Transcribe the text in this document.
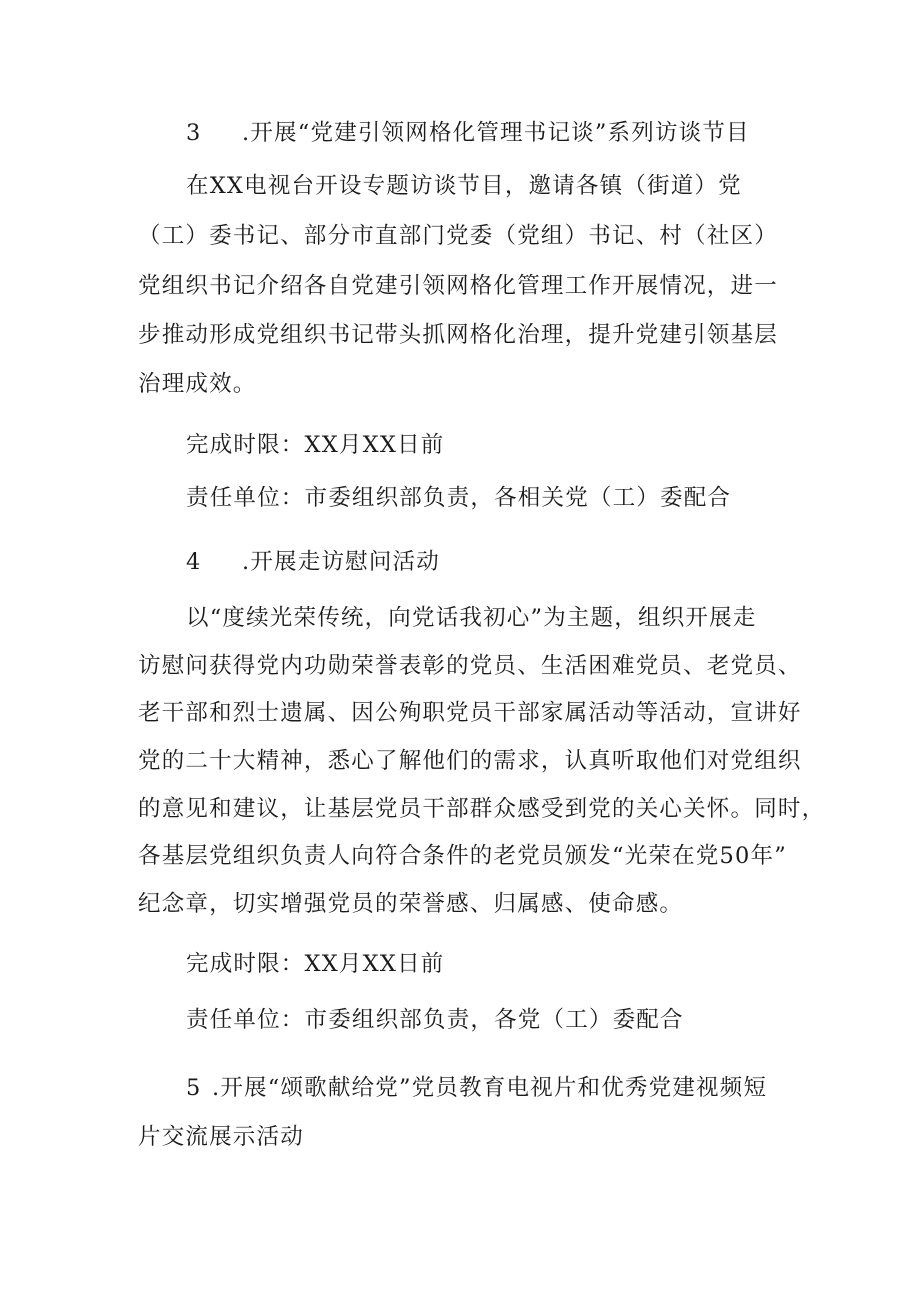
3 .开展“党建引领网格化管理书记谈”系列访谈节目
在XX电视台开设专题访谈节目，邀请各镇（街道）党
（工）委书记、部分市直部门党委（党组）书记、村（社区）
党组织书记介绍各自党建引领网格化管理工作开展情况，进一
步推动形成党组织书记带头抓网格化治理，提升党建引领基层
治理成效。
完成时限：XX月XX日前
责任单位：市委组织部负责，各相关党（工）委配合
4 .开展走访慰问活动
以“度续光荣传统，向党话我初心”为主题，组织开展走
访慰问获得党内功勋荣誉表彰的党员、生活困难党员、老党员、
老干部和烈士遗属、因公殉职党员干部家属活动等活动，宣讲好
党的二十大精神，悉心了解他们的需求，认真听取他们对党组织
的意见和建议，让基层党员干部群众感受到党的关心关怀。同时，
各基层党组织负责人向符合条件的老党员颁发“光荣在党50年”
纪念章，切实增强党员的荣誉感、归属感、使命感。
完成时限：XX月XX日前
责任单位：市委组织部负责，各党（工）委配合
5 .开展“颂歌献给党”党员教育电视片和优秀党建视频短
片交流展示活动
